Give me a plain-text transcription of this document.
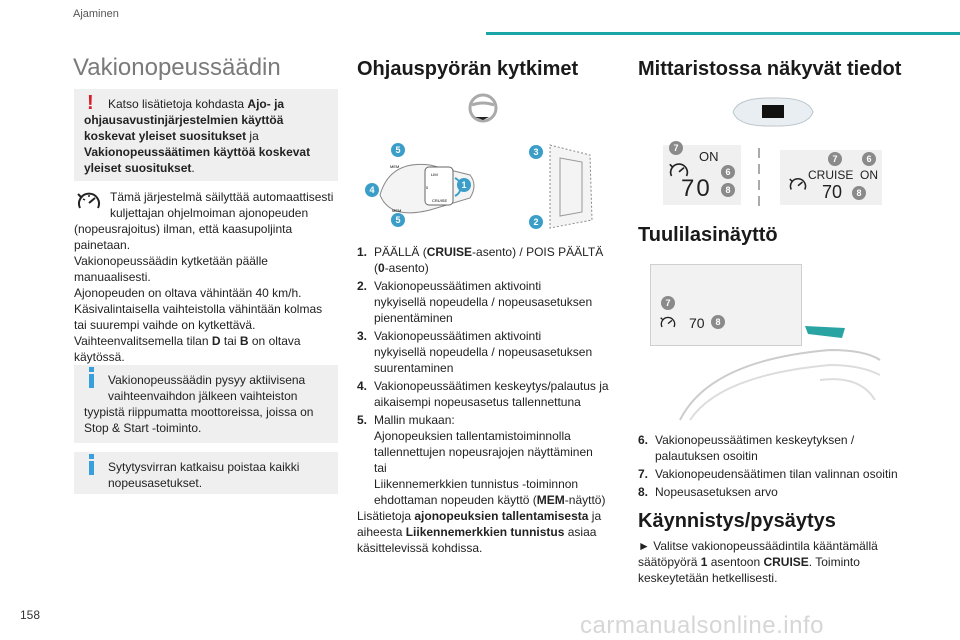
Ajaminen
Vakionopeussäädin
!	Katso lisätietoja kohdasta Ajo- ja ohjausavustinjärjestelmien käyttöä koskevat yleiset suositukset ja Vakionopeussäätimen käyttöä koskevat yleiset suositukset.
Tämä järjestelmä säilyttää automaattisesti
kuljettajan ohjelmoiman ajonopeuden
(nopeusrajoitus) ilman, että kaasupoljinta
painetaan.
Vakionopeussäädin kytketään päälle
manuaalisesti.
Ajonopeuden on oltava vähintään 40 km/h.
Käsivalintaisella vaihteistolla vähintään kolmas
tai suurempi vaihde on kytkettävä.
Vaihteenvalitsemella tilan D tai B on oltava
käytössä.
Vakionopeussäädin pysyy aktiivisena
vaihteenvaihdon jälkeen vaihteiston
tyypistä riippumatta moottoreissa, joissa on
Stop & Start -toiminto.
Sytytysvirran katkaisu poistaa kaikki
nopeusasetukset.
158
Ohjauspyörän kytkimet
LIM
CRUISE
MEM
MEM
0
5
4
5
1
3
2
1. PÄÄLLÄ (CRUISE-asento) / POIS PÄÄLTÄ
(0-asento)
2. Vakionopeussäätimen aktivointi
nykyisellä nopeudella / nopeusasetuksen
pienentäminen
3. Vakionopeussäätimen aktivointi
nykyisellä nopeudella / nopeusasetuksen
suurentaminen
4. Vakionopeussäätimen keskeytys/palautus ja
aikaisempi nopeusasetus tallennettuna
5. Mallin mukaan:
Ajonopeuksien tallentamistoiminnolla
tallennettujen nopeusrajojen näyttäminen
tai
Liikennemerkkien tunnistus -toiminnon
ehdottaman nopeuden käyttö (MEM-näyttö)
Lisätietoja ajonopeuksien tallentamisesta ja
aiheesta Liikennemerkkien tunnistus asiaa
käsittelevissä kohdissa.
Mittaristossa näkyvät tiedot
ON
70
7
6
8
CRUISE  ON
70
7	6
8
Tuulilasinäyttö
7
70	8
6. Vakionopeussäätimen keskeytyksen /
palautuksen osoitin
7. Vakionopeudensäätimen tilan valinnan osoitin
8. Nopeusasetuksen arvo
Käynnistys/pysäytys
► Valitse vakionopeussäädintila kääntämällä
säätöpyörä 1 asentoon CRUISE. Toiminto
keskeytetään hetkellisesti.
carmanualsonline.info
